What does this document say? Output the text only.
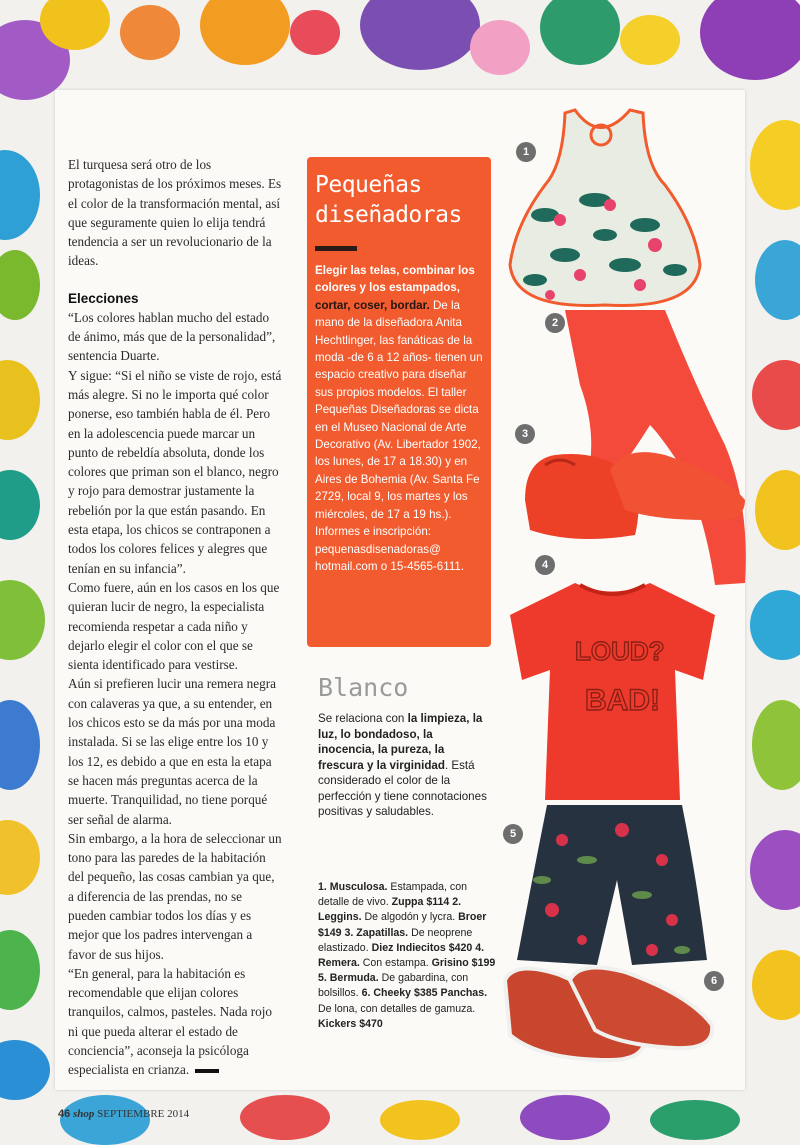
El turquesa será otro de los protagonistas de los próximos meses. Es el color de la transformación mental, así que seguramente quien lo elija tendrá tendencia a ser un revolucionario de la ideas.

Elecciones

“Los colores hablan mucho del estado de ánimo, más que de la personalidad”, sentencia Duarte.

Y sigue: “Si el niño se viste de rojo, está más alegre. Si no le importa qué color ponerse, eso también habla de él. Pero en la adolescencia puede marcar un punto de rebeldía absoluta, donde los colores que priman son el blanco, negro y rojo para demostrar justamente la rebelión por la que están pasando. En esta etapa, los chicos se contraponen a todos los colores felices y alegres que tenían en su infancia”.

Como fuere, aún en los casos en los que quieran lucir de negro, la especialista recomienda respetar a cada niño y dejarlo elegir el color con el que se sienta identificado para vestirse.

Aún si prefieren lucir una remera negra con calaveras ya que, a su entender, en los chicos esto se da más por una moda instalada. Si se las elige entre los 10 y los 12, es debido a que en esta la etapa se hacen más preguntas acerca de la muerte. Tranquilidad, no tiene porqué ser señal de alarma.

Sin embargo, a la hora de seleccionar un tono para las paredes de la habitación del pequeño, las cosas cambian ya que, a diferencia de las prendas, no se pueden cambiar todos los días y es mejor que los padres intervengan a favor de sus hijos.

“En general, para la habitación es recomendable que elijan colores tranquilos, calmos, pasteles. Nada rojo ni que pueda alterar el estado de conciencia”, aconseja la psicóloga especialista en crianza.

Pequeñas diseñadoras
Elegir las telas, combinar los colores y los estampados, cortar, coser, bordar. De la mano de la diseñadora Anita Hechtlinger, las fanáticas de la moda -de 6 a 12 años- tienen un espacio creativo para diseñar sus propios modelos. El taller Pequeñas Diseñadoras se dicta en el Museo Nacional de Arte Decorativo (Av. Libertador 1902, los lunes, de 17 a 18.30) y en Aires de Bohemia (Av. Santa Fe 2729, local 9, los martes y los miércoles, de 17 a 19 hs.). Informes e inscripción: pequenasdisenadoras@ hotmail.com o 15-4565-6111.
Blanco
Se relaciona con la limpieza, la luz, lo bondadoso, la inocencia, la pureza, la frescura y la virginidad. Está considerado el color de la perfección y tiene connotaciones positivas y saludables.
1. Musculosa. Estampada, con detalle de vivo. Zuppa $114 2. Leggins. De algodón y lycra. Broer $149 3. Zapatillas. De neoprene elastizado. Diez Indiecitos $420 4. Remera. Con estampa. Grisino $199 5. Bermuda. De gabardina, con bolsillos. 6. Cheeky $385 Panchas. De lona, con detalles de gamuza. Kickers $470
LOUD?
BAD!
1
2
3
4
5
6
46 shop SEPTIEMBRE 2014
